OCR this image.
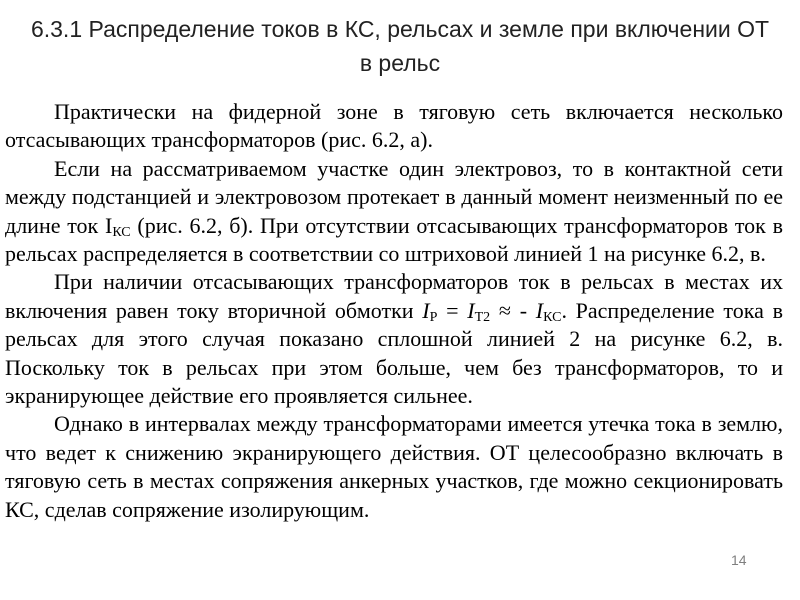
6.3.1 Распределение токов в КС, рельсах и земле при включении ОТ
в рельс

Практически на фидерной зоне в тяговую сеть включается несколько отсасывающих трансформаторов (рис. 6.2, а).

Если на рассматриваемом участке один электровоз, то в контактной сети между подстанцией и электровозом протекает в данный момент неизменный по ее длине ток $I_{КС}$ (рис. 6.2, б). При отсутствии отсасывающих трансформаторов ток в рельсах распределяется в соответствии со штриховой линией 1 на рисунке 6.2, в.

При наличии отсасывающих трансформаторов ток в рельсах в местах их включения равен току вторичной обмотки $I_Р = I_{Т2}$ ≈ - $I_{КС}$. Распределение тока в рельсах для этого случая показано сплошной линией 2 на рисунке 6.2, в. Поскольку ток в рельсах при этом больше, чем без трансформаторов, то и экранирующее действие его проявляется сильнее.

Однако в интервалах между трансформаторами имеется утечка тока в землю, что ведет к снижению экранирующего действия. ОТ целесообразно включать в тяговую сеть в местах сопряжения анкерных участков, где можно секционировать КС, сделав сопряжение изолирующим.

14
